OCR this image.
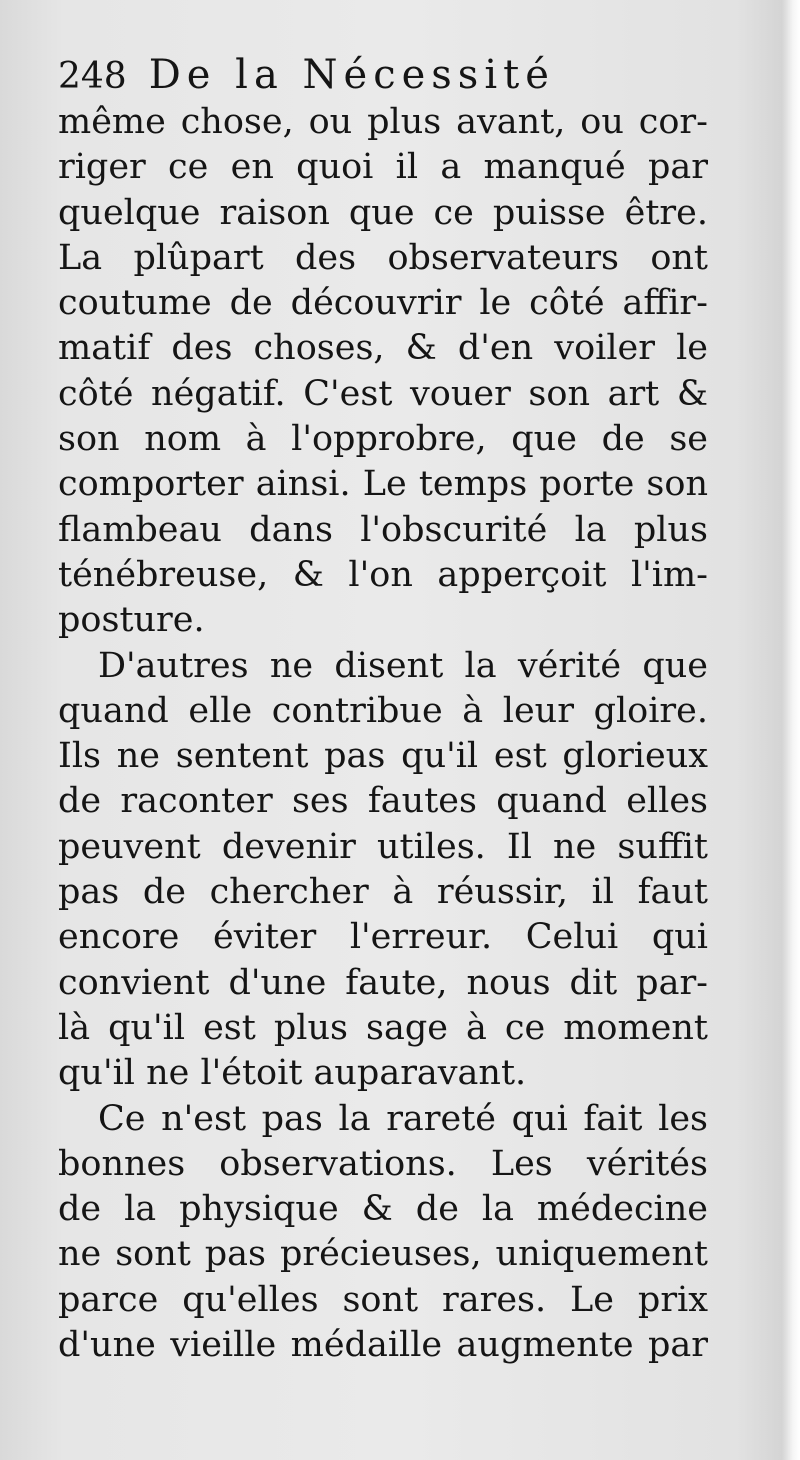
248 De la Nécessité
même chose, ou plus avant, ou cor-
riger ce en quoi il a manqué par
quelque raison que ce puisse être.
La plûpart des observateurs ont
coutume de découvrir le côté affir-
matif des choses, & d'en voiler le
côté négatif. C'est vouer son art &
son nom à l'opprobre, que de se
comporter ainsi. Le temps porte son
flambeau dans l'obscurité la plus
ténébreuse, & l'on apperçoit l'im-
posture.
D'autres ne disent la vérité que
quand elle contribue à leur gloire.
Ils ne sentent pas qu'il est glorieux
de raconter ses fautes quand elles
peuvent devenir utiles. Il ne suffit
pas de chercher à réussir, il faut
encore éviter l'erreur. Celui qui
convient d'une faute, nous dit par-
là qu'il est plus sage à ce moment
qu'il ne l'étoit auparavant.
Ce n'est pas la rareté qui fait les
bonnes observations. Les vérités
de la physique & de la médecine
ne sont pas précieuses, uniquement
parce qu'elles sont rares. Le prix
d'une vieille médaille augmente par
